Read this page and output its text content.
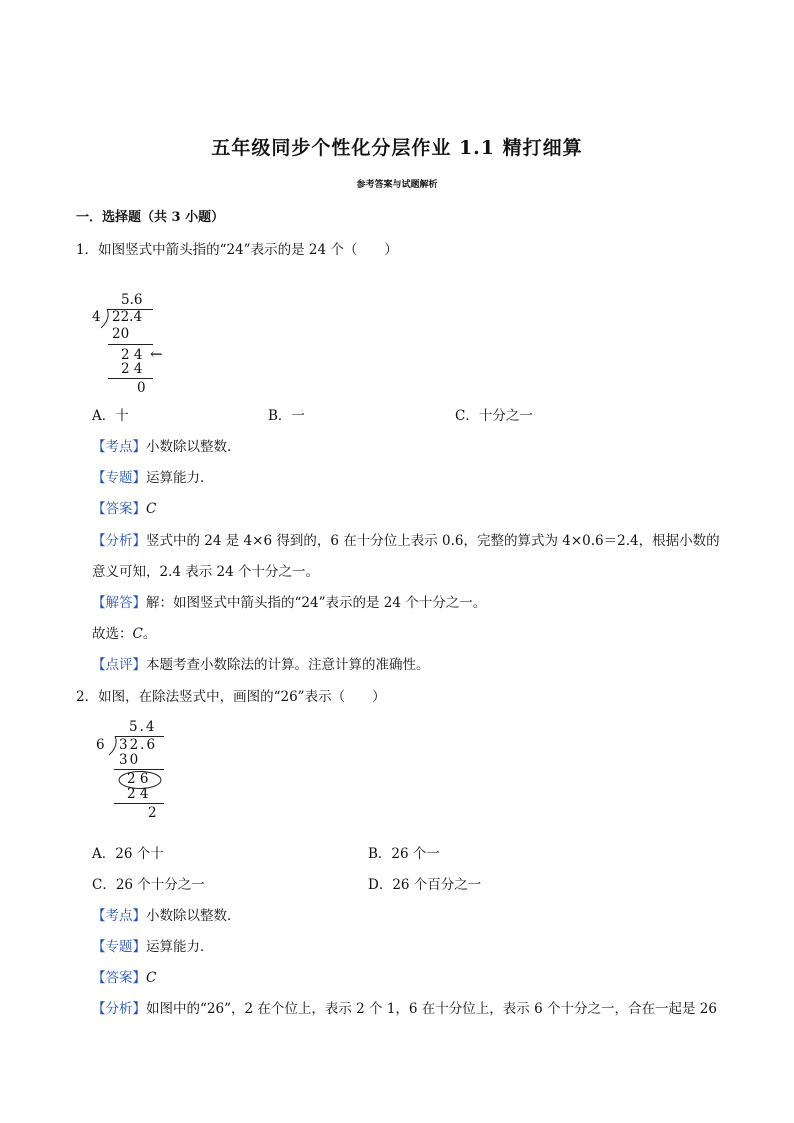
五年级同步个性化分层作业 1.1 精打细算
参考答案与试题解析
一．选择题（共 3 小题）
1．如图竖式中箭头指的“24”表示的是 24 个（　　）
5.6
4 22.4
20
2 4 ←
2 4
0
A．十	B．一	C．十分之一
【考点】小数除以整数．
【专题】运算能力．
【答案】C
【分析】竖式中的 24 是 4×6 得到的，6 在十分位上表示 0.6，完整的算式为 4×0.6＝2.4，根据小数的
意义可知，2.4 表示 24 个十分之一。
【解答】解：如图竖式中箭头指的“24”表示的是 24 个十分之一。
故选：C。
【点评】本题考查小数除法的计算。注意计算的准确性。
2．如图，在除法竖式中，画图的“26”表示（　　）
5.4
6 32.6
30
2 6
2 4
2
A．26 个十	B．26 个一
C．26 个十分之一	D．26 个百分之一
【考点】小数除以整数．
【专题】运算能力．
【答案】C
【分析】如图中的“26”，2 在个位上，表示 2 个 1，6 在十分位上，表示 6 个十分之一，合在一起是 26
